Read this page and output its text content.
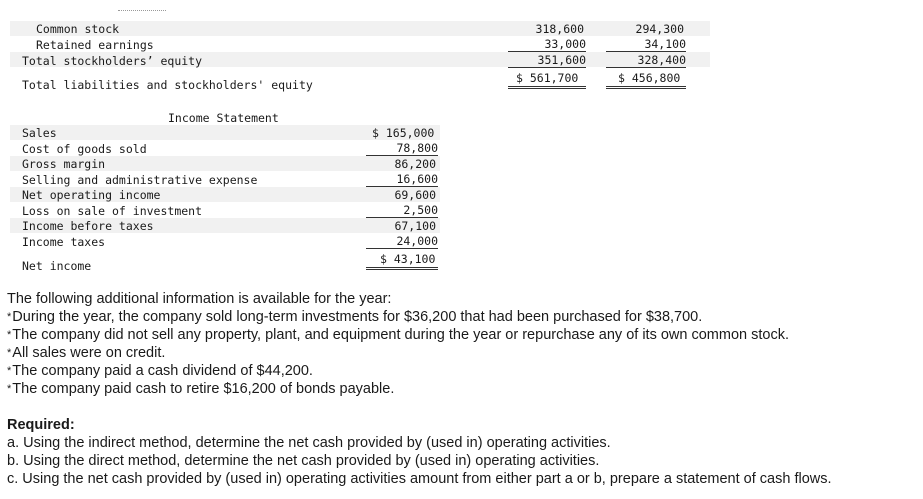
Common stock	318,600	294,300
Retained earnings	33,000	34,100
Total stockholders’ equity	351,600	328,400
Total liabilities and stockholders' equity	$ 561,700	$ 456,800
Income Statement
Sales	$ 165,000
Cost of goods sold	78,800
Gross margin	86,200
Selling and administrative expense	16,600
Net operating income	69,600
Loss on sale of investment	2,500
Income before taxes	67,100
Income taxes	24,000
Net income	$ 43,100
The following additional information is available for the year:
*During the year, the company sold long-term investments for $36,200 that had been purchased for $38,700.
*The company did not sell any property, plant, and equipment during the year or repurchase any of its own common stock.
*All sales were on credit.
*The company paid a cash dividend of $44,200.
*The company paid cash to retire $16,200 of bonds payable.
Required:
a. Using the indirect method, determine the net cash provided by (used in) operating activities.
b. Using the direct method, determine the net cash provided by (used in) operating activities.
c. Using the net cash provided by (used in) operating activities amount from either part a or b, prepare a statement of cash flows.
